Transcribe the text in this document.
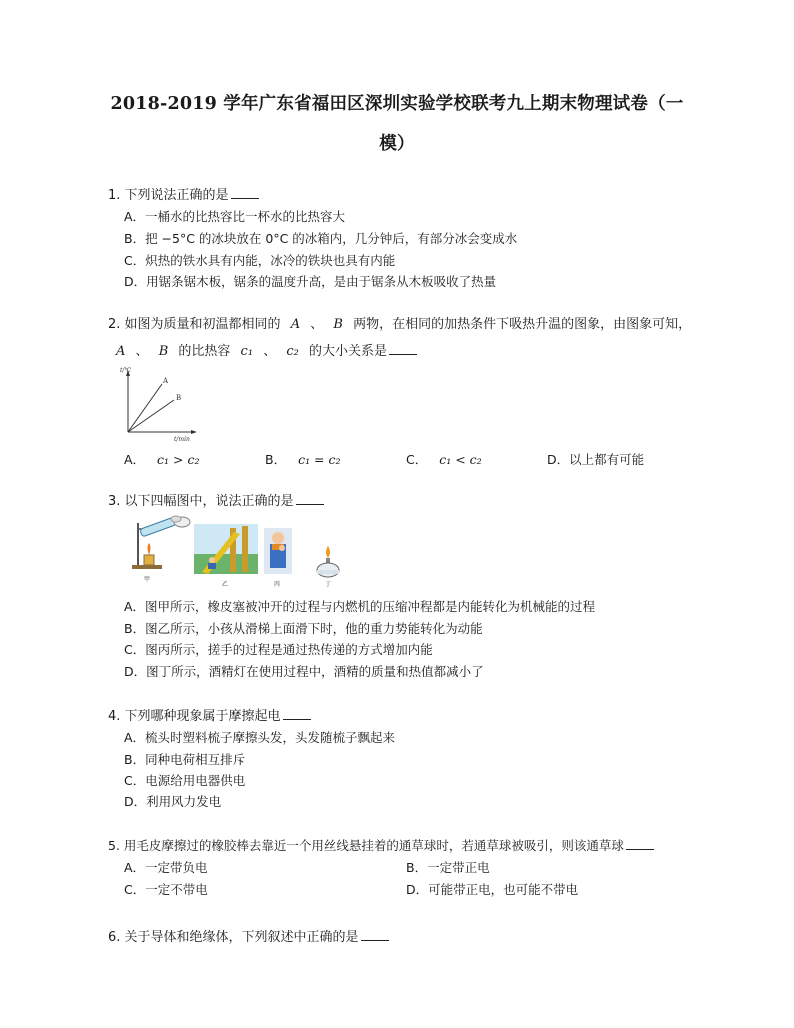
2018-2019 学年广东省福田区深圳实验学校联考九上期末物理试卷（一
模）
1. 下列说法正确的是
A．一桶水的比热容比一杯水的比热容大
B．把 −5°C 的冰块放在 0°C 的冰箱内，几分钟后，有部分冰会变成水
C．炽热的铁水具有内能，冰冷的铁块也具有内能
D．用锯条锯木板，锯条的温度升高，是由于锯条从木板吸收了热量
2. 如图为质量和初温都相同的 A 、 B 两物，在相同的加热条件下吸热升温的图象，由图象可知，
A 、 B 的比热容 c₁ 、 c₂ 的大小关系是
t/℃
t/min
A
B
A． c₁ > c₂	B． c₁ = c₂	C． c₁ < c₂	D．以上都有可能
3. 以下四幅图中，说法正确的是
甲
乙	丙	丁
A．图甲所示，橡皮塞被冲开的过程与内燃机的压缩冲程都是内能转化为机械能的过程
B．图乙所示，小孩从滑梯上面滑下时，他的重力势能转化为动能
C．图丙所示，搓手的过程是通过热传递的方式增加内能
D．图丁所示，酒精灯在使用过程中，酒精的质量和热值都减小了
4. 下列哪种现象属于摩擦起电
A．梳头时塑料梳子摩擦头发，头发随梳子飘起来
B．同种电荷相互排斥
C．电源给用电器供电
D．利用风力发电
5. 用毛皮摩擦过的橡胶棒去靠近一个用丝线悬挂着的通草球时，若通草球被吸引，则该通草球
A．一定带负电	B．一定带正电
C．一定不带电	D．可能带正电，也可能不带电
6. 关于导体和绝缘体，下列叙述中正确的是
